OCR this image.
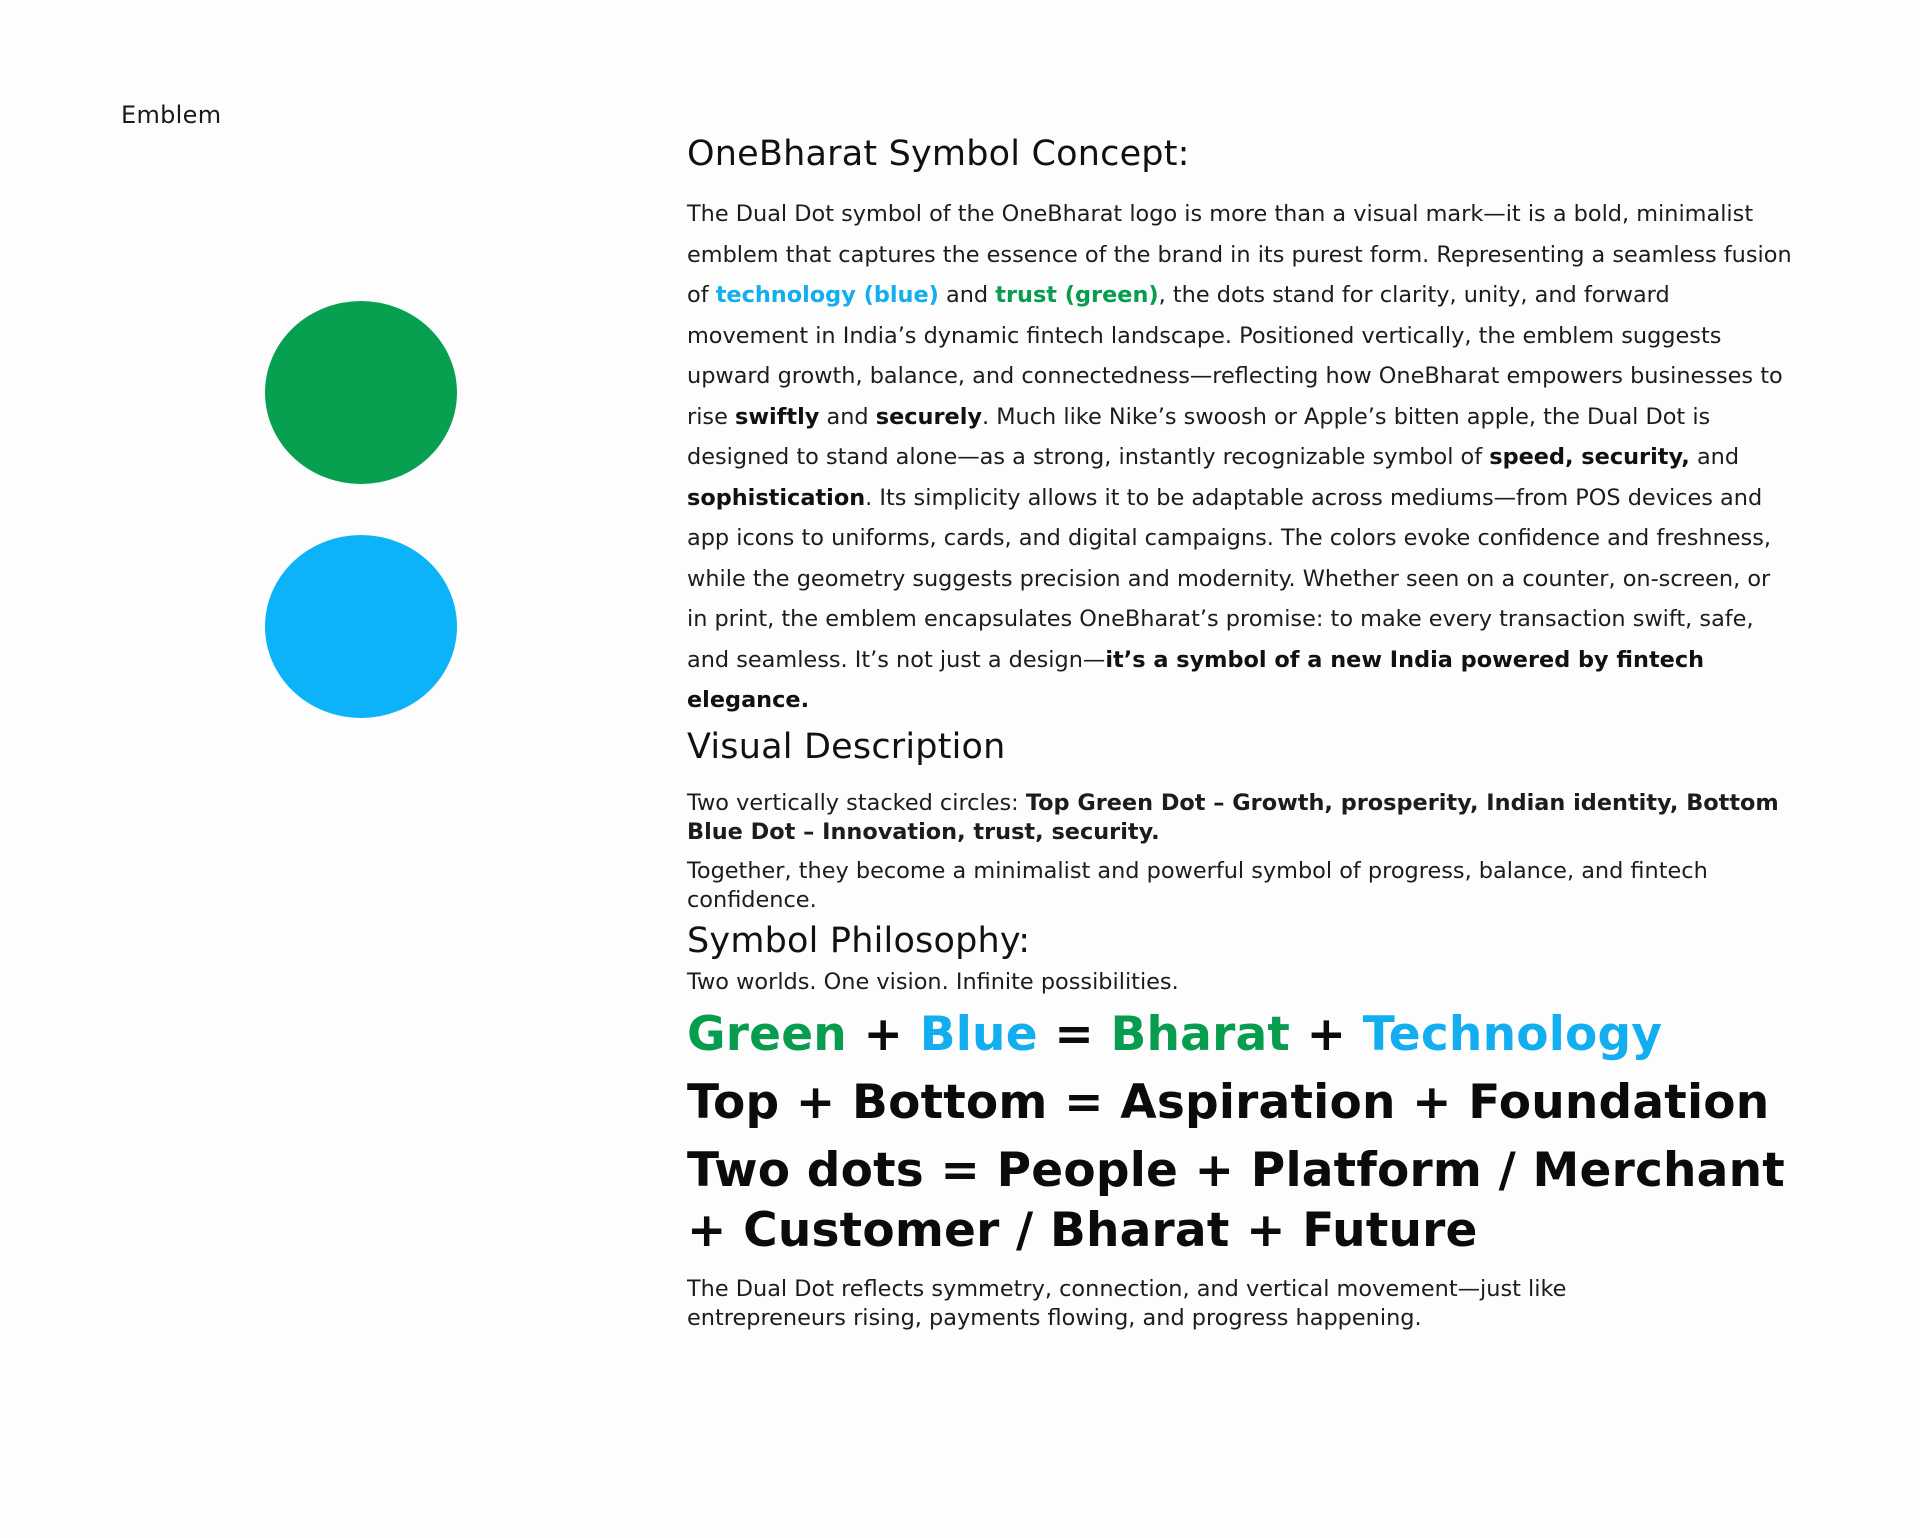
Emblem
OneBharat Symbol Concept:

The Dual Dot symbol of the OneBharat logo is more than a visual mark—it is a bold, minimalist emblem that captures the essence of the brand in its purest form. Representing a seamless fusion of technology (blue) and trust (green), the dots stand for clarity, unity, and forward movement in India’s dynamic fintech landscape. Positioned vertically, the emblem suggests upward growth, balance, and connectedness—reflecting how OneBharat empowers businesses to rise swiftly and securely. Much like Nike’s swoosh or Apple’s bitten apple, the Dual Dot is designed to stand alone—as a strong, instantly recognizable symbol of speed, security, and sophistication. Its simplicity allows it to be adaptable across mediums—from POS devices and app icons to uniforms, cards, and digital campaigns. The colors evoke confidence and freshness, while the geometry suggests precision and modernity. Whether seen on a counter, on-screen, or in print, the emblem encapsulates OneBharat’s promise: to make every transaction swift, safe, and seamless. It’s not just a design—it’s a symbol of a new India powered by fintech elegance.

Visual Description

Two vertically stacked circles: Top Green Dot – Growth, prosperity, Indian identity, Bottom Blue Dot – Innovation, trust, security.

Together, they become a minimalist and powerful symbol of progress, balance, and fintech confidence.

Symbol Philosophy:

Two worlds. One vision. Infinite possibilities.

Green + Blue = Bharat + Technology

Top + Bottom = Aspiration + Foundation

Two dots = People + Platform / Merchant + Customer / Bharat + Future

The Dual Dot reflects symmetry, connection, and vertical movement—just like entrepreneurs rising, payments flowing, and progress happening.
